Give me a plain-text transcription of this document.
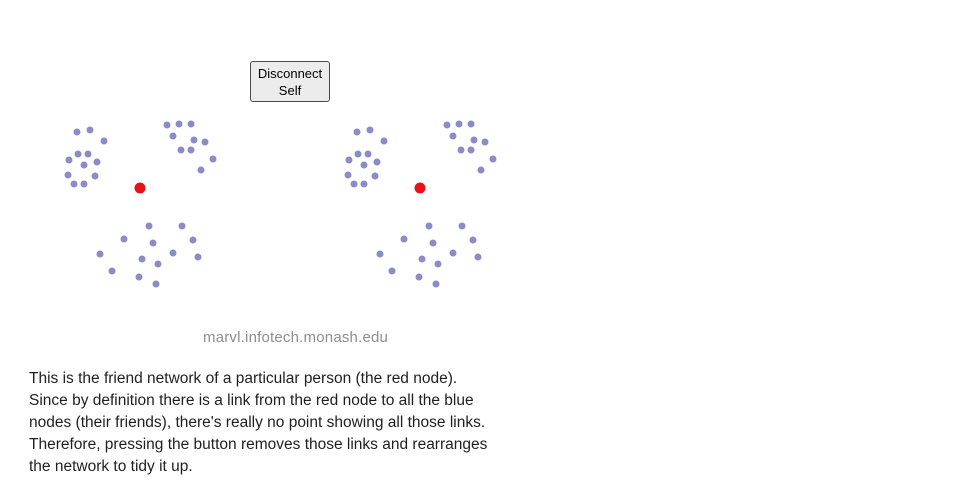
Disconnect
Self
marvl.infotech.monash.edu
This is the friend network of a particular person (the red node).
Since by definition there is a link from the red node to all the blue
nodes (their friends), there's really no point showing all those links.
Therefore, pressing the button removes those links and rearranges
the network to tidy it up.
